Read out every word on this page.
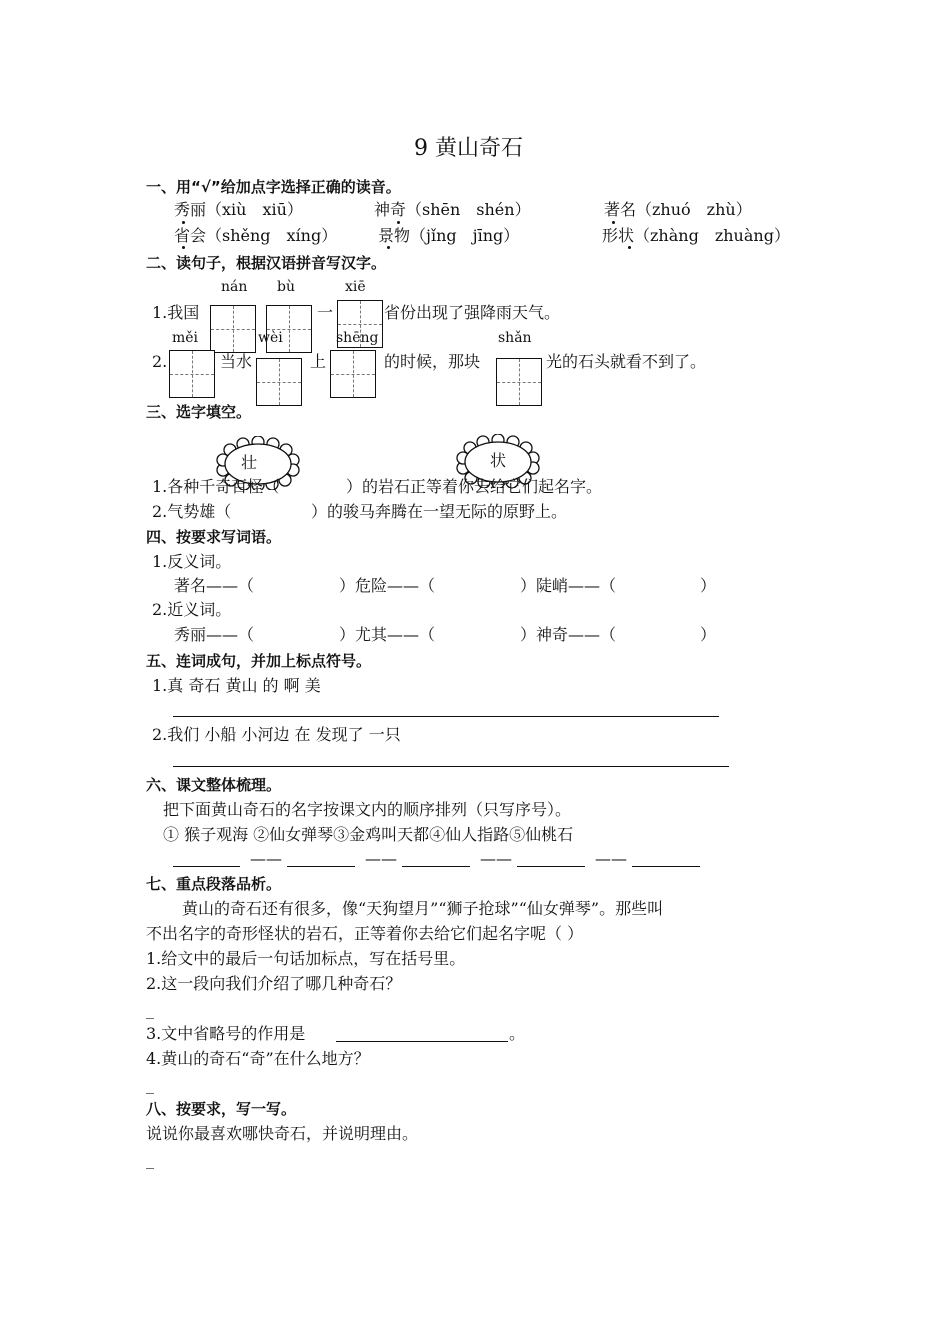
9 黄山奇石
一、用“√”给加点字选择正确的读音。
秀丽（xiù　xiū）	神奇（shēn　shén）	著名（zhuó　zhù）
省会（shěng　xíng）	景物（jǐng　jīng）	形状（zhàng　zhuàng）
二、读句子，根据汉语拼音写汉字。
nán bù	xiē
1.我国	一	省份出现了强降雨天气。
měi	wèi	shēng	shǎn
2.	当水	上	的时候，那块	光的石头就看不到了。
三、选字填空。
壮	状
1.各种千奇百怪（	）的岩石正等着你去给它们起名字。
2.气势雄（	）的骏马奔腾在一望无际的原野上。
四、按要求写词语。
1.反义词。
著名——（	）危险——（	）陡峭——（	）
2.近义词。
秀丽——（	）尤其——（	）神奇——（	）
五、连词成句，并加上标点符号。
1.真 奇石 黄山 的 啊 美
2.我们 小船 小河边 在 发现了 一只
六、课文整体梳理。
把下面黄山奇石的名字按课文内的顺序排列（只写序号）。
① 猴子观海 ②仙女弹琴③金鸡叫天都④仙人指路⑤仙桃石
——	——	——	——
七、重点段落品析。
黄山的奇石还有很多，像“天狗望月”“狮子抢球”“仙女弹琴”。那些叫
不出名字的奇形怪状的岩石，正等着你去给它们起名字呢（ ）
1.给文中的最后一句话加标点，写在括号里。
2.这一段向我们介绍了哪几种奇石？
_
3.文中省略号的作用是	。
4.黄山的奇石“奇”在什么地方？
_
八、按要求，写一写。
说说你最喜欢哪快奇石，并说明理由。
_
